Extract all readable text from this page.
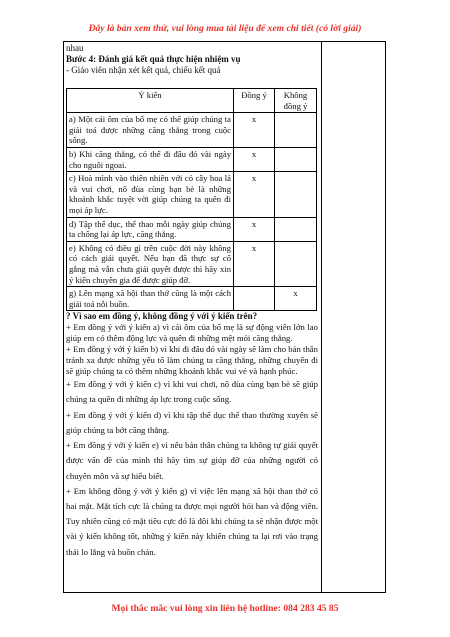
Đây là bản xem thử, vui lòng mua tài liệu để xem chi tiết (có lời giải)

nhau

Bước 4: Đánh giá kết quả thực hiện nhiệm vụ

- Giáo viên nhận xét kết quả, chiếu kết quả

Ý kiến	Đồng ý	Không đồng ý
a) Một cái ôm của bố mẹ có thể giúp chúng ta giải toả được những căng thẳng trong cuộc sống.	x	
b) Khi căng thẳng, có thể đi đâu đó vài ngày cho nguôi ngoai.	x	
c) Hoà mình vào thiên nhiên với cỏ cây hoa lá và vui chơi, nô đùa cùng bạn bè là những khoảnh khắc tuyệt vời giúp chúng ta quên đi mọi áp lực.	x	
d) Tập thể dục, thể thao mỗi ngày giúp chúng ta chống lại áp lực, căng thẳng.	x	
e) Không có điều gì trên cuộc đời này không có cách giải quyết. Nếu bạn đã thực sự cố gắng mà vẫn chưa giải quyết được thì hãy xin ý kiến chuyên gia để được giúp đỡ.	x	
g) Lên mạng xã hội than thở cũng là một cách giải toả nỗi buồn.		x

? Vì sao em đồng ý, không đồng ý với ý kiến trên?

+ Em đồng ý với ý kiến a) vì cái ôm của bố mẹ là sự động viên lớn lao giúp em có thêm động lực và quên đi những mệt mỏi căng thẳng.

+ Em đồng ý với ý kiến b) vì khi đi đâu đó vài ngày sẽ làm cho bản thân tránh xa được những yếu tố làm chúng ta căng thẳng, những chuyến đi sẽ giúp chúng ta có thêm những khoảnh khắc vui vẻ và hạnh phúc.

+ Em đồng ý với ý kiến c) vì khi vui chơi, nô đùa cùng bạn bè sẽ giúp chúng ta quên đi những áp lực trong cuộc sống.

+ Em đồng ý với ý kiến d) vì khi tập thể dục thể thao thường xuyên sẽ giúp chúng ta bớt căng thẳng.

+ Em đồng ý với ý kiến e) vì nếu bản thân chúng ta không tự giải quyết được vấn đề của mình thì hãy tìm sự giúp đỡ của những người có chuyên môn và sự hiểu biết.

+ Em không đồng ý với ý kiến g) vì việc lên mạng xã hội than thở có hai mặt. Mặt tích cực là chúng ta được mọi người hỏi han và động viên. Tuy nhiên cũng có mặt tiêu cực đó là đôi khi chúng ta sẽ nhận được một vài ý kiến không tốt, những ý kiến này khiến chúng ta lại rơi vào trạng thái lo lắng và buồn chán.

Mọi thắc mắc vui lòng xin liên hệ hotline: 084 283 45 85
